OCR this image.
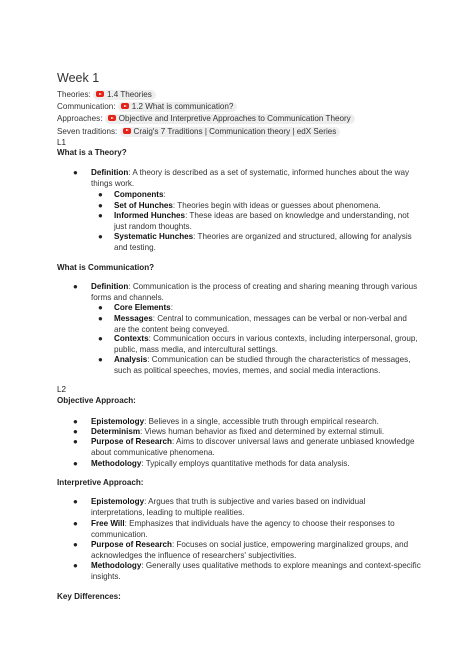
Week 1
Theories: 1.4 Theories
Communication: 1.2 What is communication?
Approaches: Objective and Interpretive Approaches to Communication Theory
Seven traditions: Craig's 7 Traditions | Communication theory | edX Series
L1
What is a Theory?
● Definition: A theory is described as a set of systematic, informed hunches about the way things work.
● Components:
● Set of Hunches: Theories begin with ideas or guesses about phenomena.
● Informed Hunches: These ideas are based on knowledge and understanding, not just random thoughts.
● Systematic Hunches: Theories are organized and structured, allowing for analysis and testing.
What is Communication?
● Definition: Communication is the process of creating and sharing meaning through various forms and channels.
● Core Elements:
● Messages: Central to communication, messages can be verbal or non-verbal and are the content being conveyed.
● Contexts: Communication occurs in various contexts, including interpersonal, group, public, mass media, and intercultural settings.
● Analysis: Communication can be studied through the characteristics of messages, such as political speeches, movies, memes, and social media interactions.
L2
Objective Approach:
● Epistemology: Believes in a single, accessible truth through empirical research.
● Determinism: Views human behavior as fixed and determined by external stimuli.
● Purpose of Research: Aims to discover universal laws and generate unbiased knowledge about communicative phenomena.
● Methodology: Typically employs quantitative methods for data analysis.
Interpretive Approach:
● Epistemology: Argues that truth is subjective and varies based on individual interpretations, leading to multiple realities.
● Free Will: Emphasizes that individuals have the agency to choose their responses to communication.
● Purpose of Research: Focuses on social justice, empowering marginalized groups, and acknowledges the influence of researchers' subjectivities.
● Methodology: Generally uses qualitative methods to explore meanings and context-specific insights.
Key Differences:
